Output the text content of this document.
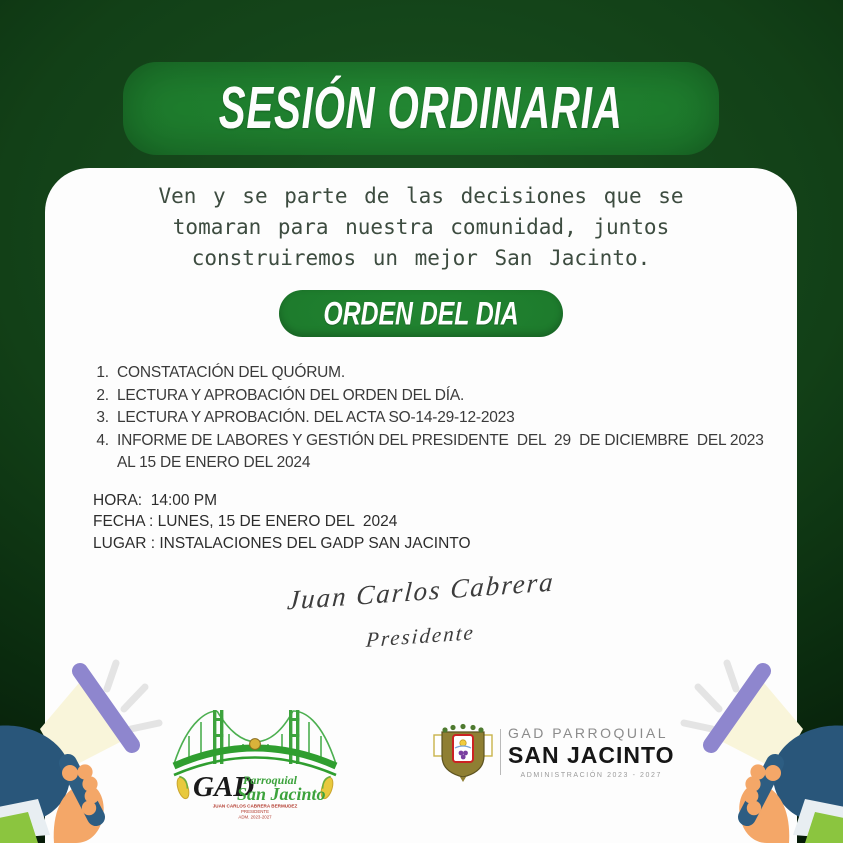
SESIÓN ORDINARIA

Ven y se parte de las decisiones que se tomaran para nuestra comunidad, juntos construiremos un mejor San Jacinto.

ORDEN DEL DIA
1. CONSTATACIÓN DEL QUÓRUM.
2. LECTURA Y APROBACIÓN DEL ORDEN DEL DÍA.
3. LECTURA Y APROBACIÓN. DEL ACTA SO-14-29-12-2023
4. INFORME DE LABORES Y GESTIÓN DEL PRESIDENTE  DEL  29  DE DICIEMBRE  DEL 2023 AL 15 DE ENERO DEL 2024
HORA:  14:00 PM
FECHA : LUNES, 15 DE ENERO DEL  2024
LUGAR : INSTALACIONES DEL GADP SAN JACINTO
Juan Carlos Cabrera
Presidente
GAD
Parroquial
San Jacinto
JUAN CARLOS CABRERA BERMUDEZ
PRESIDENTE
ADM. 2023-2027
GAD PARROQUIAL
SAN JACINTO
ADMINISTRACIÓN 2023 - 2027
